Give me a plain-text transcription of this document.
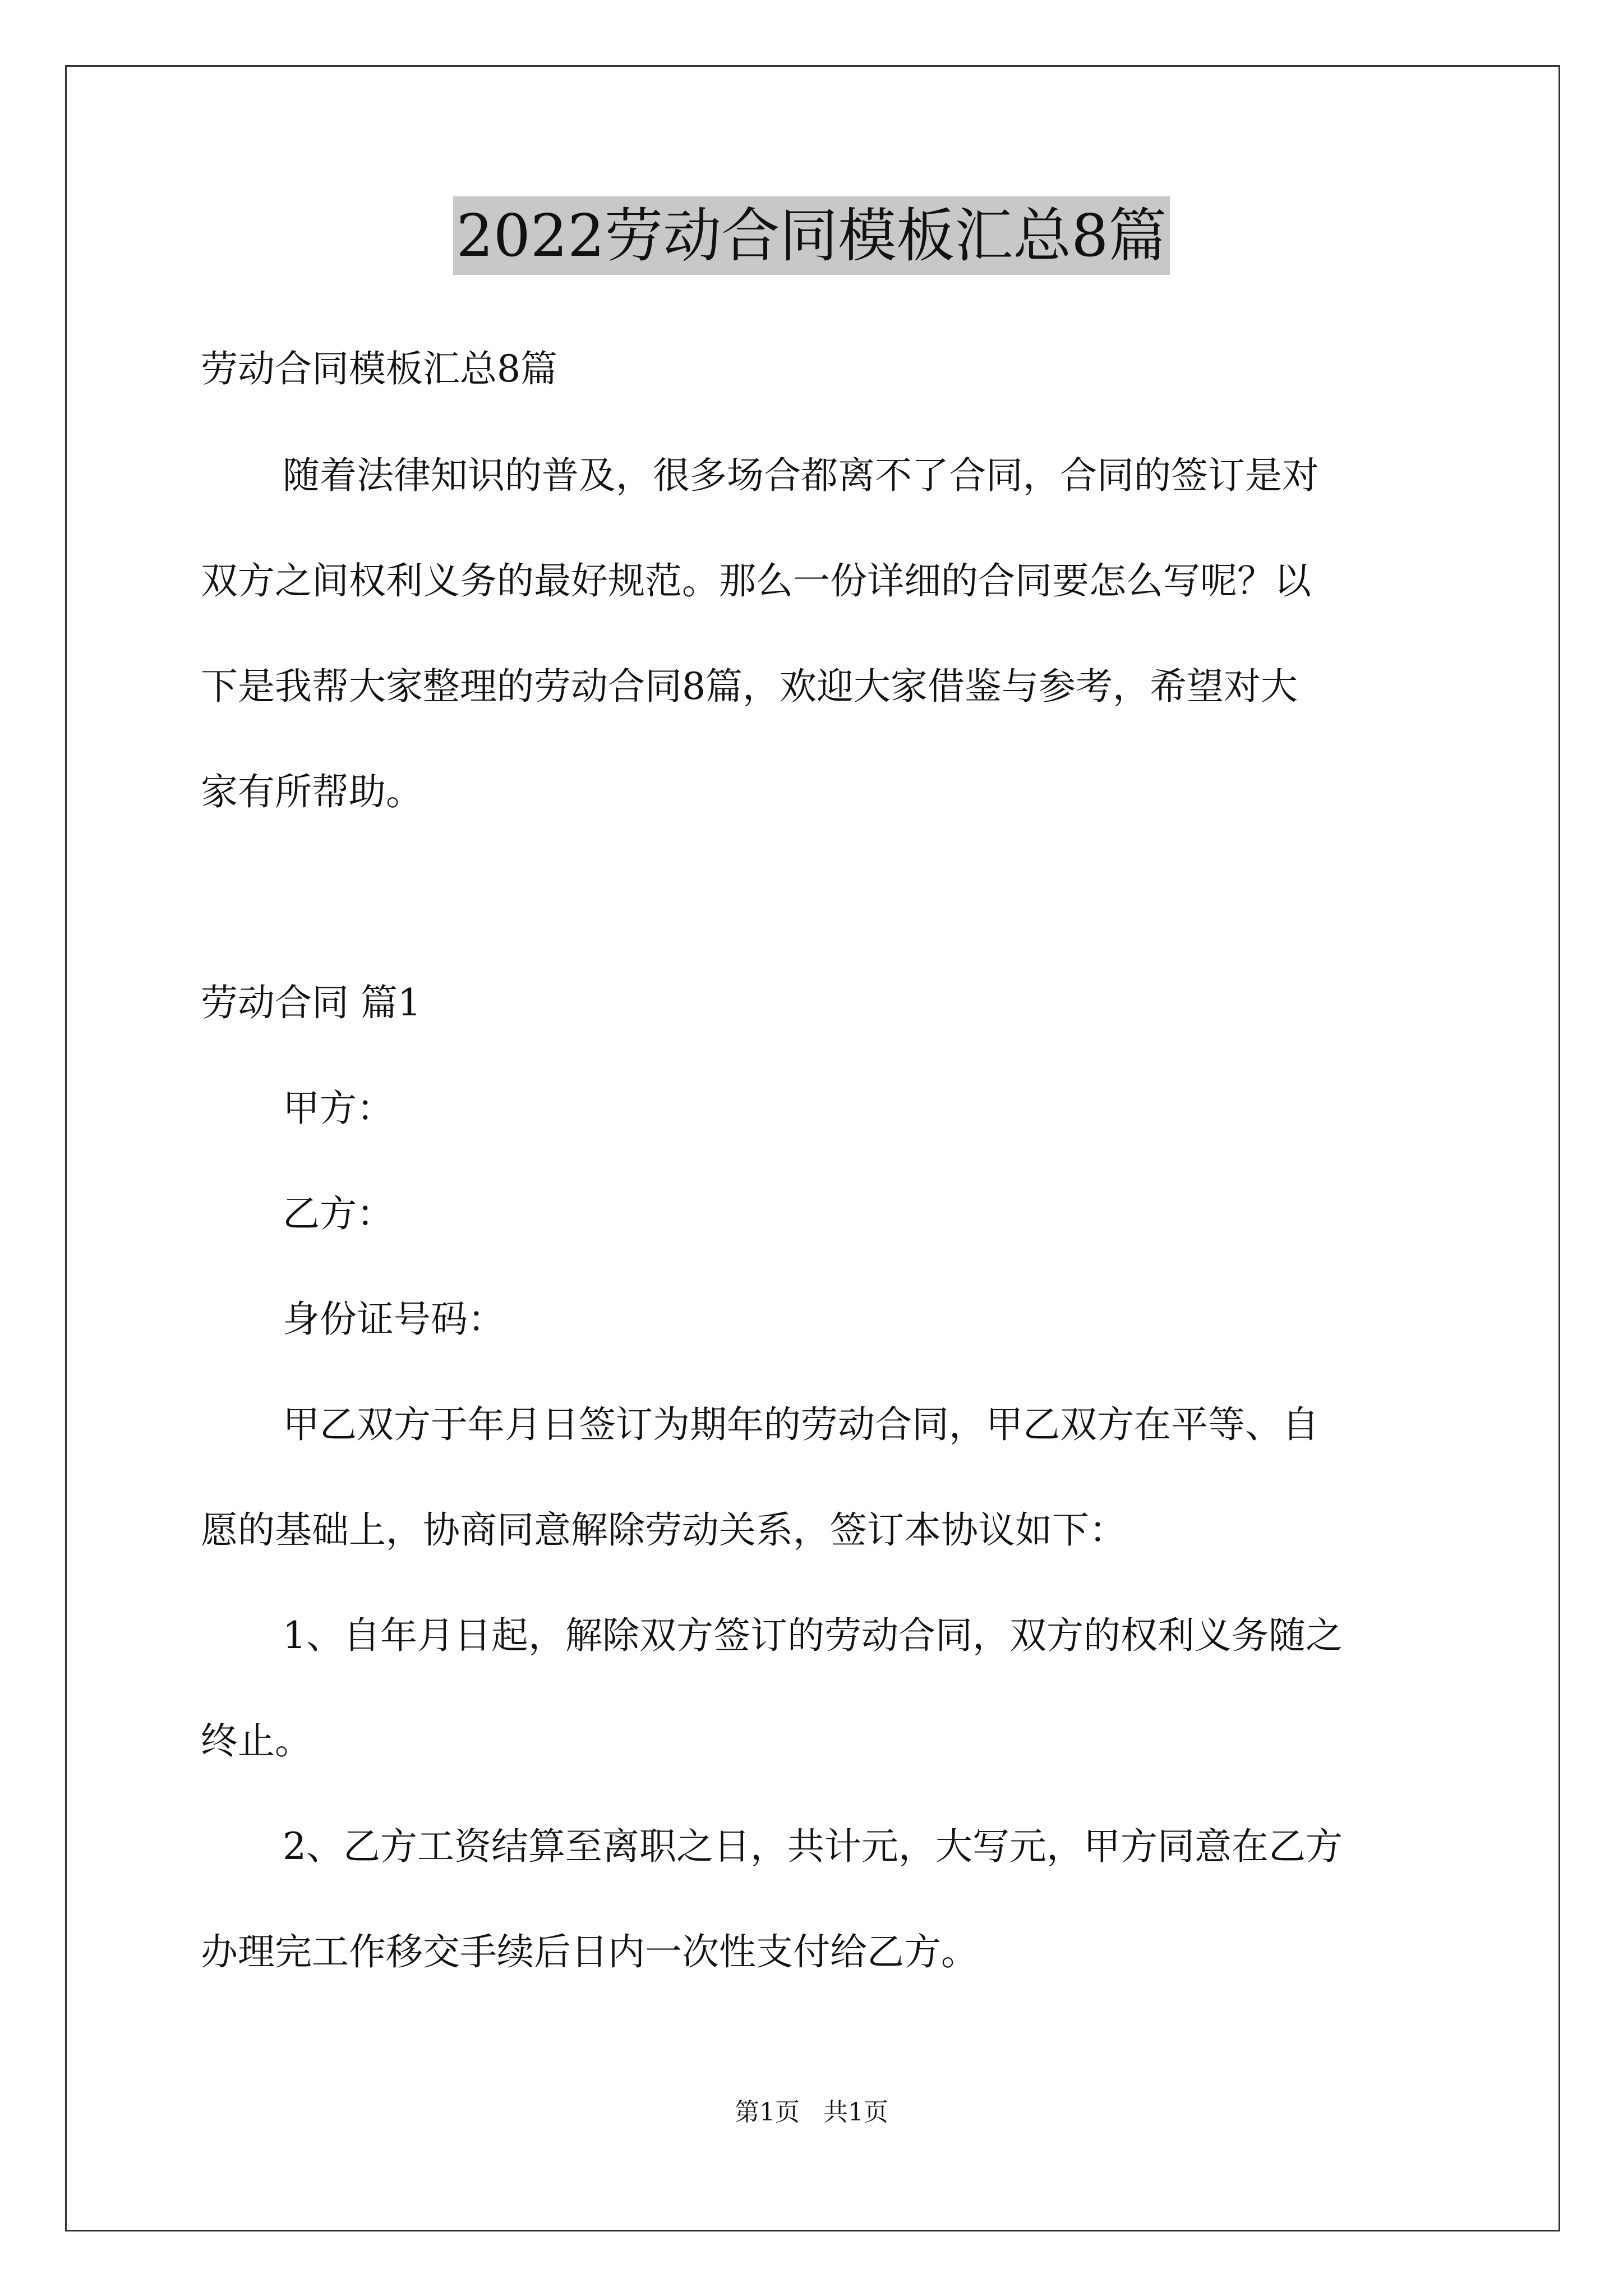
2022劳动合同模板汇总8篇
劳动合同模板汇总8篇
随着法律知识的普及，很多场合都离不了合同，合同的签订是对
双方之间权利义务的最好规范。那么一份详细的合同要怎么写呢？以
下是我帮大家整理的劳动合同8篇，欢迎大家借鉴与参考，希望对大
家有所帮助。
劳动合同 篇1
甲方：
乙方：
身份证号码：
甲乙双方于年月日签订为期年的劳动合同，甲乙双方在平等、自
愿的基础上，协商同意解除劳动关系，签订本协议如下：
1、自年月日起，解除双方签订的劳动合同，双方的权利义务随之
终止。
2、乙方工资结算至离职之日，共计元，大写元，甲方同意在乙方
办理完工作移交手续后日内一次性支付给乙方。
第1页 共1页
